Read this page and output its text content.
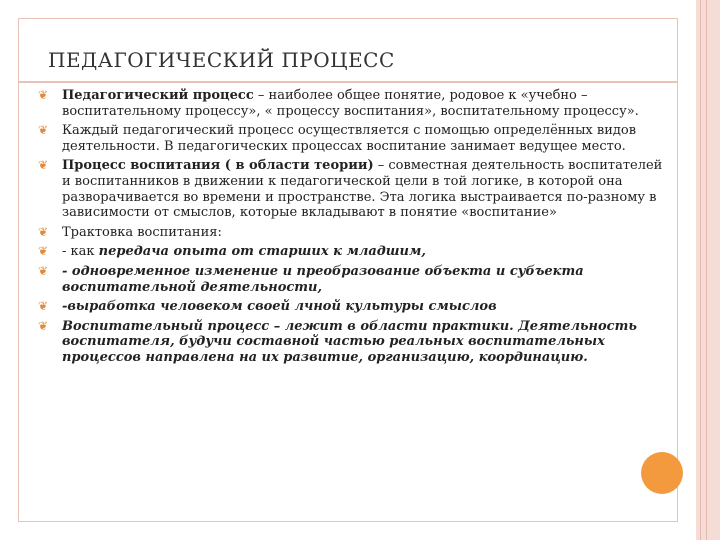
ПЕДАГОГИЧЕСКИЙ ПРОЦЕСС
❦ Педагогический процесс – наиболее общее понятие, родовое к «учебно – воспитательному процессу», « процессу воспитания», воспитательному процессу».
❦ Каждый педагогический процесс осуществляется с помощью определённых видов деятельности. В педагогических процессах воспитание занимает ведущее место.
❦ Процесс воспитания ( в области теории) – совместная деятельность воспитателей и воспитанников в движении к педагогической цели в той логике, в которой она разворачивается во времени и пространстве. Эта логика выстраивается по-разному в зависимости от смыслов, которые вкладывают в понятие «воспитание»
❦ Трактовка воспитания:
❦ - как передача опыта от старших к младшим,
❦ - одновременное изменение и преобразование объекта и субъекта воспитательной деятельности,
❦ -выработка человеком своей лчной культуры смыслов
❦ Воспитательный процесс – лежит в области практики. Деятельность воспитателя, будучи составной частью реальных воспитательных процессов направлена на их развитие, организацию, координацию.
